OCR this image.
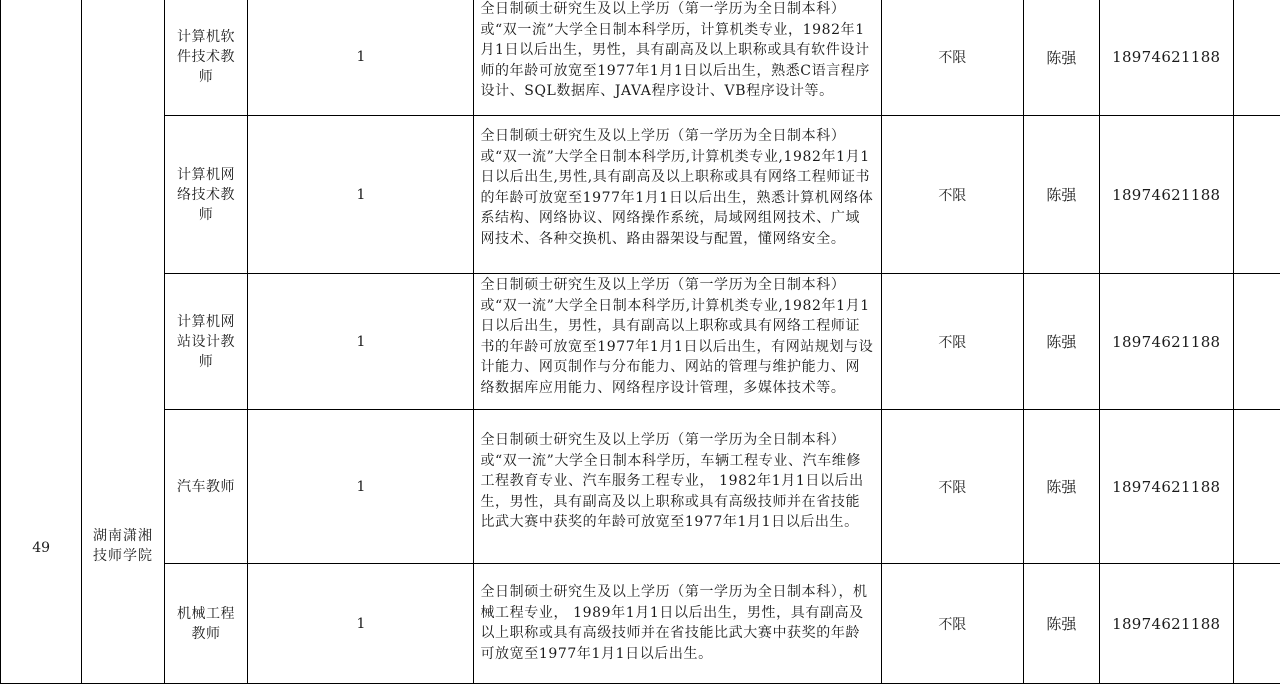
49	湖南潇湘技师学院	计算机软件技术教师	1	全日制硕士研究生及以上学历（第一学历为全日制本科）或“双一流”大学全日制本科学历，计算机类专业，1982年1月1日以后出生，男性，具有副高及以上职称或具有软件设计师的年龄可放宽至1977年1月1日以后出生，熟悉C语言程序设计、SQL数据库、JAVA程序设计、VB程序设计等。	不限	陈强	18974621188	
		计算机网络技术教师	1	全日制硕士研究生及以上学历（第一学历为全日制本科）或“双一流”大学全日制本科学历,计算机类专业,1982年1月1日以后出生,男性,具有副高及以上职称或具有网络工程师证书的年龄可放宽至1977年1月1日以后出生，熟悉计算机网络体系结构、网络协议、网络操作系统，局域网组网技术、广域网技术、各种交换机、路由器架设与配置，懂网络安全。	不限	陈强	18974621188	
		计算机网站设计教师	1	全日制硕士研究生及以上学历（第一学历为全日制本科）或“双一流”大学全日制本科学历,计算机类专业,1982年1月1日以后出生，男性，具有副高以上职称或具有网络工程师证书的年龄可放宽至1977年1月1日以后出生，有网站规划与设计能力、网页制作与分布能力、网站的管理与维护能力、网络数据库应用能力、网络程序设计管理，多媒体技术等。	不限	陈强	18974621188	
		汽车教师	1	全日制硕士研究生及以上学历（第一学历为全日制本科）或“双一流”大学全日制本科学历，车辆工程专业、汽车维修工程教育专业、汽车服务工程专业， 1982年1月1日以后出生，男性，具有副高及以上职称或具有高级技师并在省技能比武大赛中获奖的年龄可放宽至1977年1月1日以后出生。	不限	陈强	18974621188	
		机械工程教师	1	全日制硕士研究生及以上学历（第一学历为全日制本科），机械工程专业， 1989年1月1日以后出生，男性，具有副高及以上职称或具有高级技师并在省技能比武大赛中获奖的年龄可放宽至1977年1月1日以后出生。	不限	陈强	18974621188	
